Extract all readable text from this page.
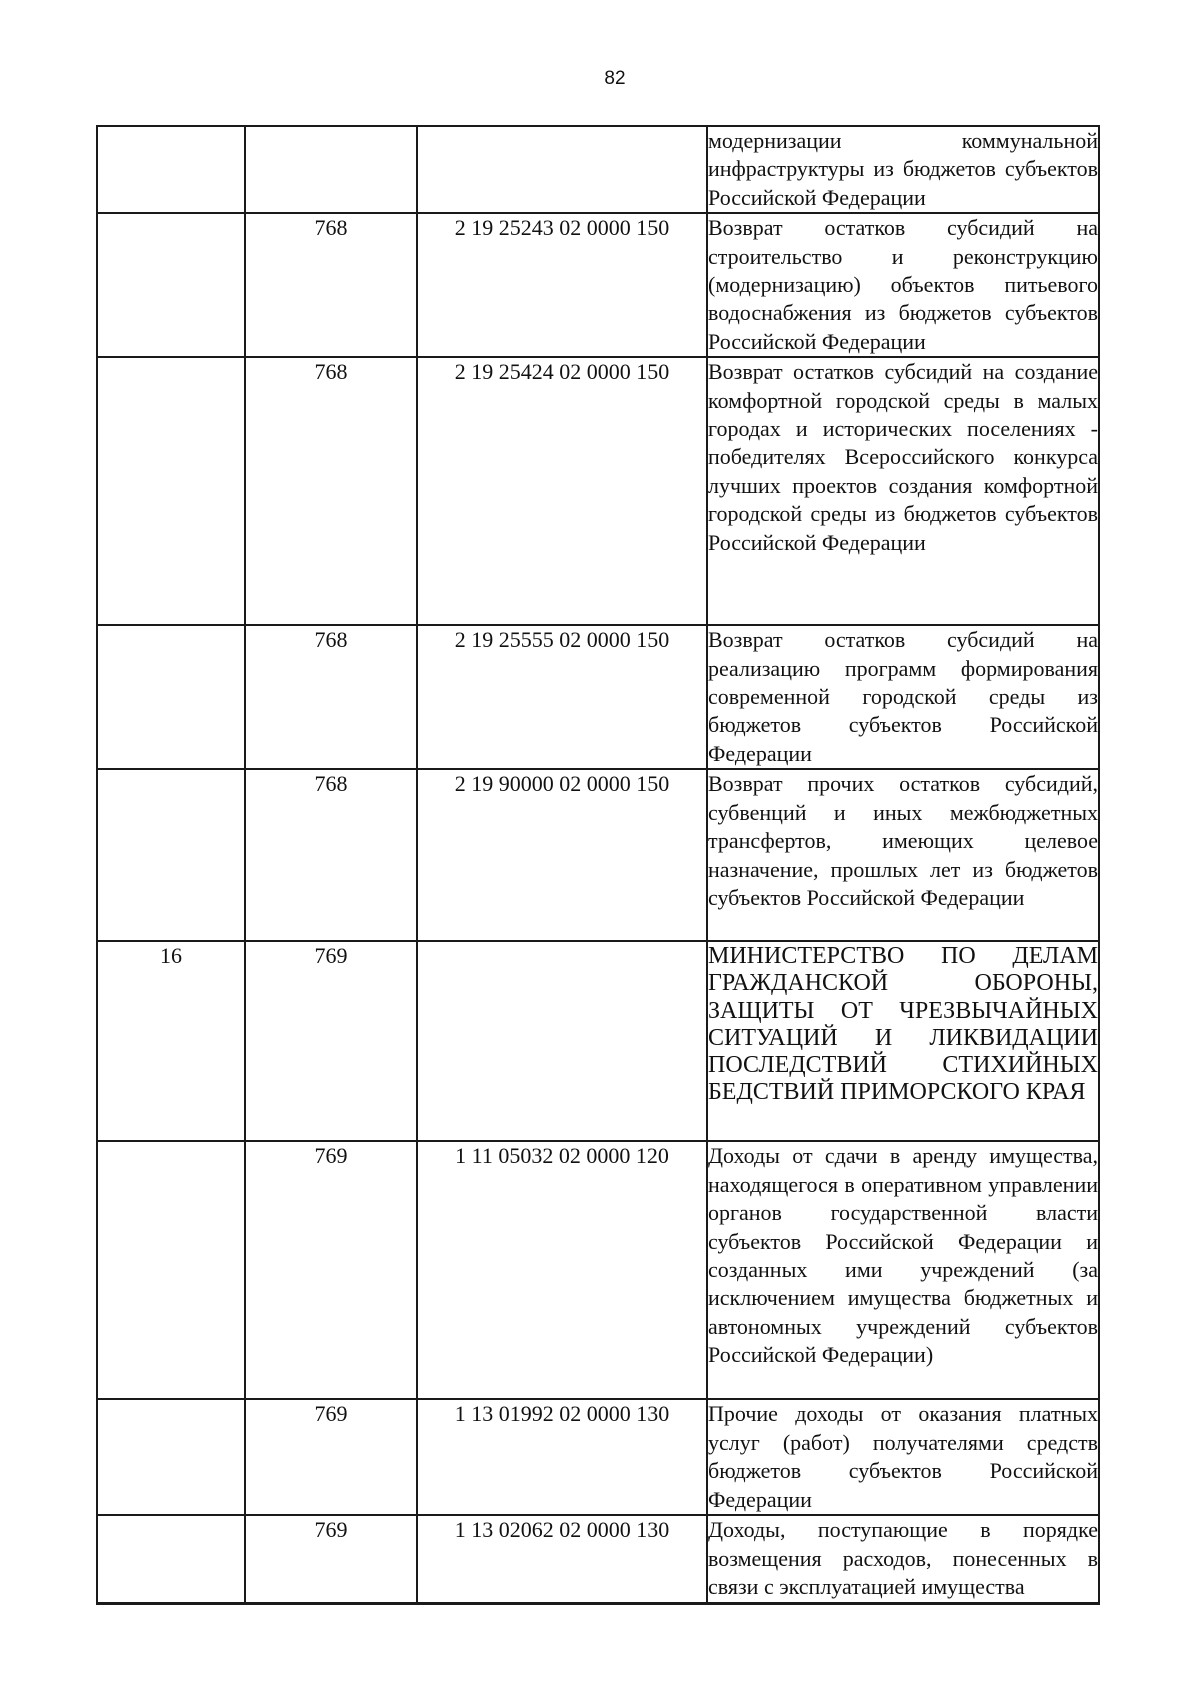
82
			модернизации коммунальной инфраструктуры из бюджетов субъектов Российской Федерации
	768	2 19 25243 02 0000 150	Возврат остатков субсидий на строительство и реконструкцию (модернизацию) объектов питьевого водоснабжения из бюджетов субъектов Российской Федерации
	768	2 19 25424 02 0000 150	Возврат остатков субсидий на создание комфортной городской среды в малых городах и исторических поселениях - победителях Всероссийского конкурса лучших проектов создания комфортной городской среды из бюджетов субъектов Российской Федерации
	768	2 19 25555 02 0000 150	Возврат остатков субсидий на реализацию программ формирования современной городской среды из бюджетов субъектов Российской Федерации
	768	2 19 90000 02 0000 150	Возврат прочих остатков субсидий, субвенций и иных межбюджетных трансфертов, имеющих целевое назначение, прошлых лет из бюджетов субъектов Российской Федерации
16	769		МИНИСТЕРСТВО ПО ДЕЛАМ ГРАЖДАНСКОЙ ОБОРОНЫ, ЗАЩИТЫ ОТ ЧРЕЗВЫЧАЙНЫХ СИТУАЦИЙ И ЛИКВИДАЦИИ ПОСЛЕДСТВИЙ СТИХИЙНЫХ БЕДСТВИЙ ПРИМОРСКОГО КРАЯ
	769	1 11 05032 02 0000 120	Доходы от сдачи в аренду имущества, находящегося в оперативном управлении органов государственной власти субъектов Российской Федерации и созданных ими учреждений (за исключением имущества бюджетных и автономных учреждений субъектов Российской Федерации)
	769	1 13 01992 02 0000 130	Прочие доходы от оказания платных услуг (работ) получателями средств бюджетов субъектов Российской Федерации
	769	1 13 02062 02 0000 130	Доходы, поступающие в порядке возмещения расходов, понесенных в связи с эксплуатацией имущества
